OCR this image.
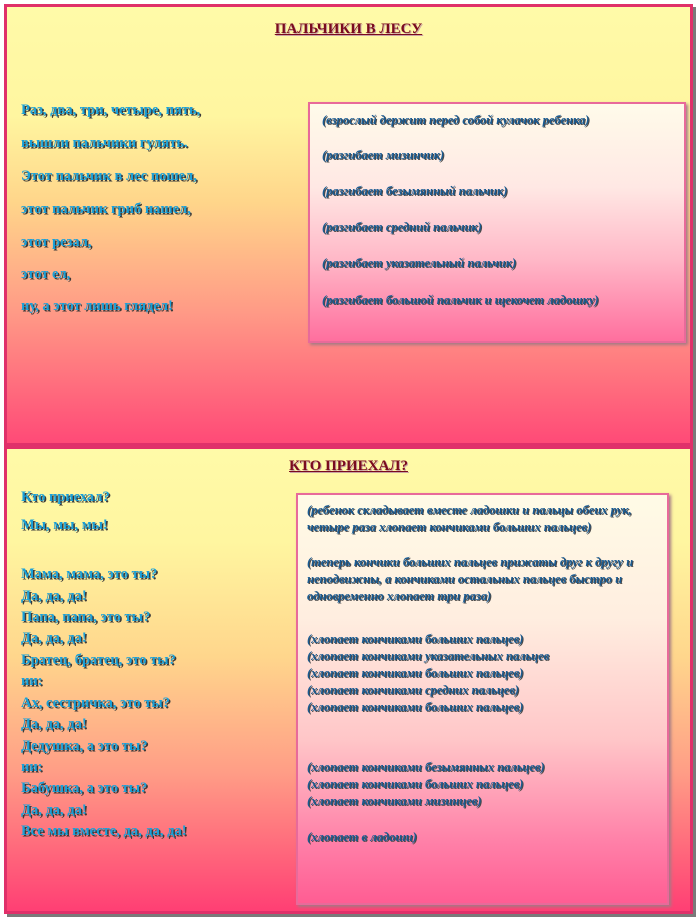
ПАЛЬЧИКИ В ЛЕСУ
Раз, два, три, четыре, пять,
вышли пальчики гулять.
Этот пальчик в лес пошел,
этот пальчик гриб нашел,
этот резал,
этот ел,
ну, а этот лишь глядел!
(взрослый держит перед собой кулачок ребенка)
(разгибает мизинчик)
(разгибает безымянный пальчик)
(разгибает средний пальчик)
(разгибает указательный пальчик)
(разгибает большой пальчик и щекочет ладошку)
КТО ПРИЕХАЛ?
Кто приехал?
Мы, мы, мы!
Мама, мама, это ты?
Да, да, да!
Папа, папа, это ты?
Да, да, да!
Братец, братец, это ты?
ии:
Ах, сестричка, это ты?
Да, да, да!
Дедушка, а это ты?
ии:
Бабушка, а это ты?
Да, да, да!
Все мы вместе, да, да, да!
(ребенок складывает вместе ладошки и пальцы обеих рук, четыре раза хлопает кончиками больших пальцев)
(теперь кончики больших пальцев прижаты друг к другу и неподвижны, а кончиками остальных пальцев быстро и одновременно хлопает три раза)
(хлопает кончиками больших пальцев)
(хлопает кончиками указательных пальцев
(хлопает кончиками больших пальцев)
(хлопает кончиками средних пальцев)
(хлопает кончиками больших пальцев)
(хлопает кончиками безымянных пальцев)
(хлопает кончиками больших пальцев)
(хлопает кончиками мизинцев)
(хлопает в ладоши)
